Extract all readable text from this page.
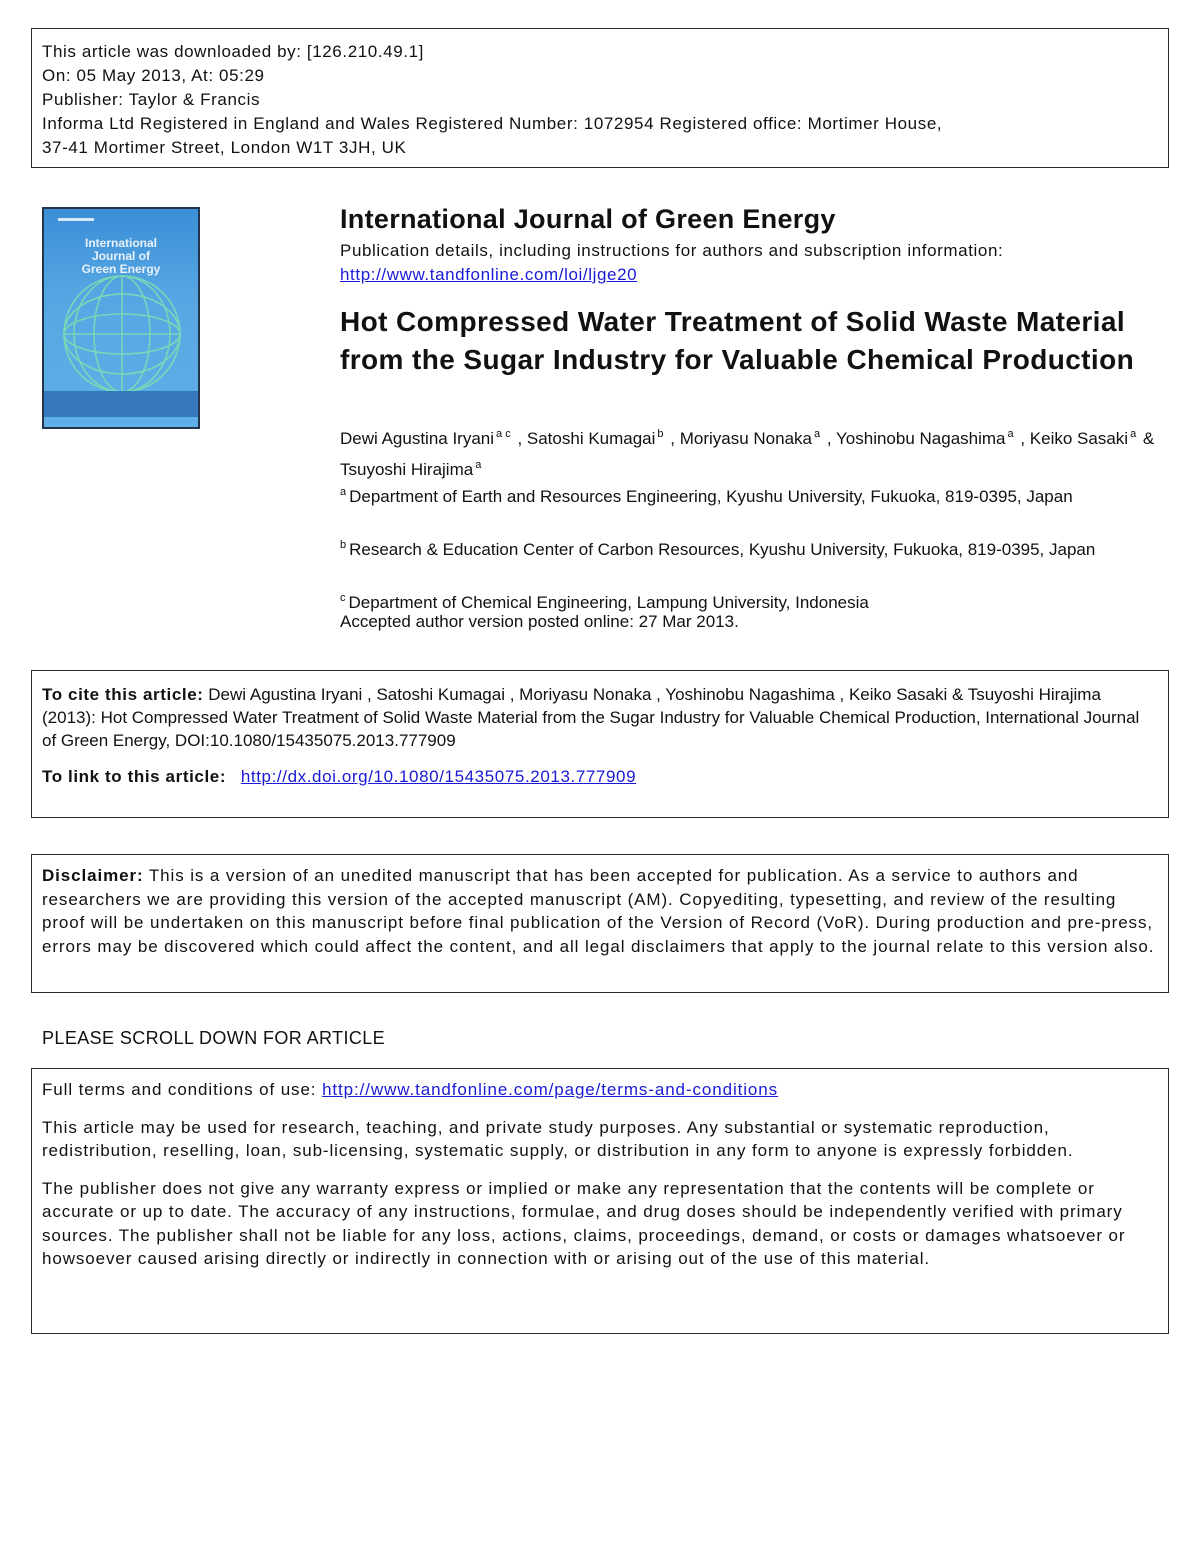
This article was downloaded by: [126.210.49.1]
On: 05 May 2013, At: 05:29
Publisher: Taylor & Francis
Informa Ltd Registered in England and Wales Registered Number: 1072954 Registered office: Mortimer House,
37-41 Mortimer Street, London W1T 3JH, UK
International
Journal of
Green Energy
International Journal of Green Energy
Publication details, including instructions for authors and subscription information:
http://www.tandfonline.com/loi/ljge20
Hot Compressed Water Treatment of Solid Waste Material from the Sugar Industry for Valuable Chemical Production
Dewi Agustina Iryani $^{a c}$ , Satoshi Kumagai $^b$ , Moriyasu Nonaka $^a$ , Yoshinobu Nagashima $^a$ , Keiko Sasaki $^a$ & Tsuyoshi Hirajima $^a$
$^a$ Department of Earth and Resources Engineering, Kyushu University, Fukuoka, 819-0395, Japan
$^b$ Research & Education Center of Carbon Resources, Kyushu University, Fukuoka, 819-0395, Japan
$^c$ Department of Chemical Engineering, Lampung University, Indonesia
Accepted author version posted online: 27 Mar 2013.
To cite this article: Dewi Agustina Iryani , Satoshi Kumagai , Moriyasu Nonaka , Yoshinobu Nagashima , Keiko Sasaki & Tsuyoshi Hirajima (2013): Hot Compressed Water Treatment of Solid Waste Material from the Sugar Industry for Valuable Chemical Production, International Journal of Green Energy, DOI:10.1080/15435075.2013.777909
To link to this article: http://dx.doi.org/10.1080/15435075.2013.777909
Disclaimer: This is a version of an unedited manuscript that has been accepted for publication. As a service to authors and researchers we are providing this version of the accepted manuscript (AM). Copyediting, typesetting, and review of the resulting proof will be undertaken on this manuscript before final publication of the Version of Record (VoR). During production and pre-press, errors may be discovered which could affect the content, and all legal disclaimers that apply to the journal relate to this version also.
PLEASE SCROLL DOWN FOR ARTICLE

Full terms and conditions of use: http://www.tandfonline.com/page/terms-and-conditions

This article may be used for research, teaching, and private study purposes. Any substantial or systematic reproduction, redistribution, reselling, loan, sub-licensing, systematic supply, or distribution in any form to anyone is expressly forbidden.

The publisher does not give any warranty express or implied or make any representation that the contents will be complete or accurate or up to date. The accuracy of any instructions, formulae, and drug doses should be independently verified with primary sources. The publisher shall not be liable for any loss, actions, claims, proceedings, demand, or costs or damages whatsoever or howsoever caused arising directly or indirectly in connection with or arising out of the use of this material.
